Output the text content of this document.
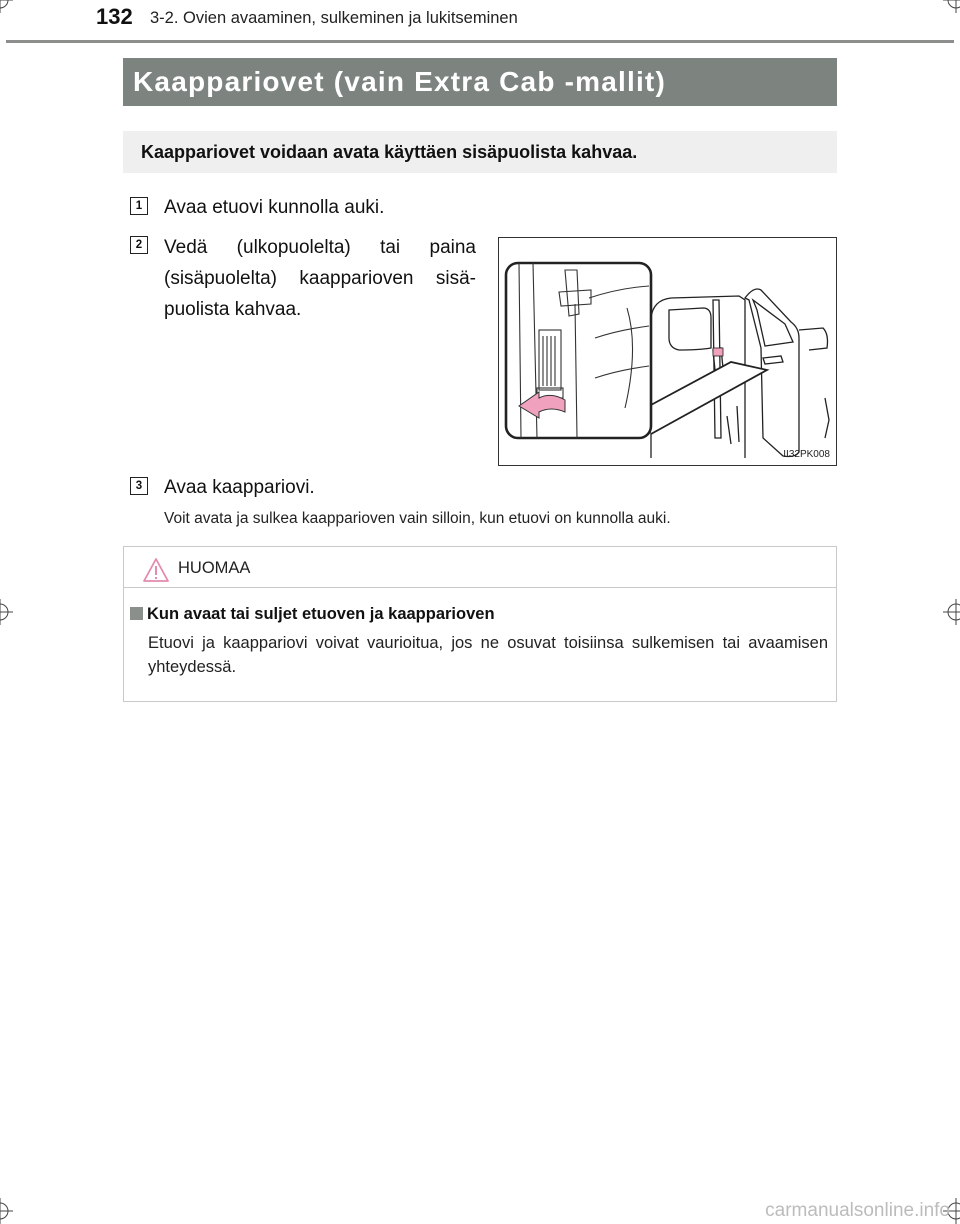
132 3-2. Ovien avaaminen, sulkeminen ja lukitseminen
Kaappariovet (vain Extra Cab -mallit)
Kaappariovet voidaan avata käyttäen sisäpuolista kahvaa.
1	Avaa etuovi kunnolla auki.
2	Vedä (ulkopuolelta) tai paina (sisäpuolelta) kaapparioven sisä-puolista kahvaa.
II32PK008
3	Avaa kaappariovi.
Voit avata ja sulkea kaapparioven vain silloin, kun etuovi on kunnolla auki.
HUOMAA
Kun avaat tai suljet etuoven ja kaapparioven
Etuovi ja kaappariovi voivat vaurioitua, jos ne osuvat toisiinsa sulkemisen tai avaamisen yhteydessä.
carmanualsonline.info
